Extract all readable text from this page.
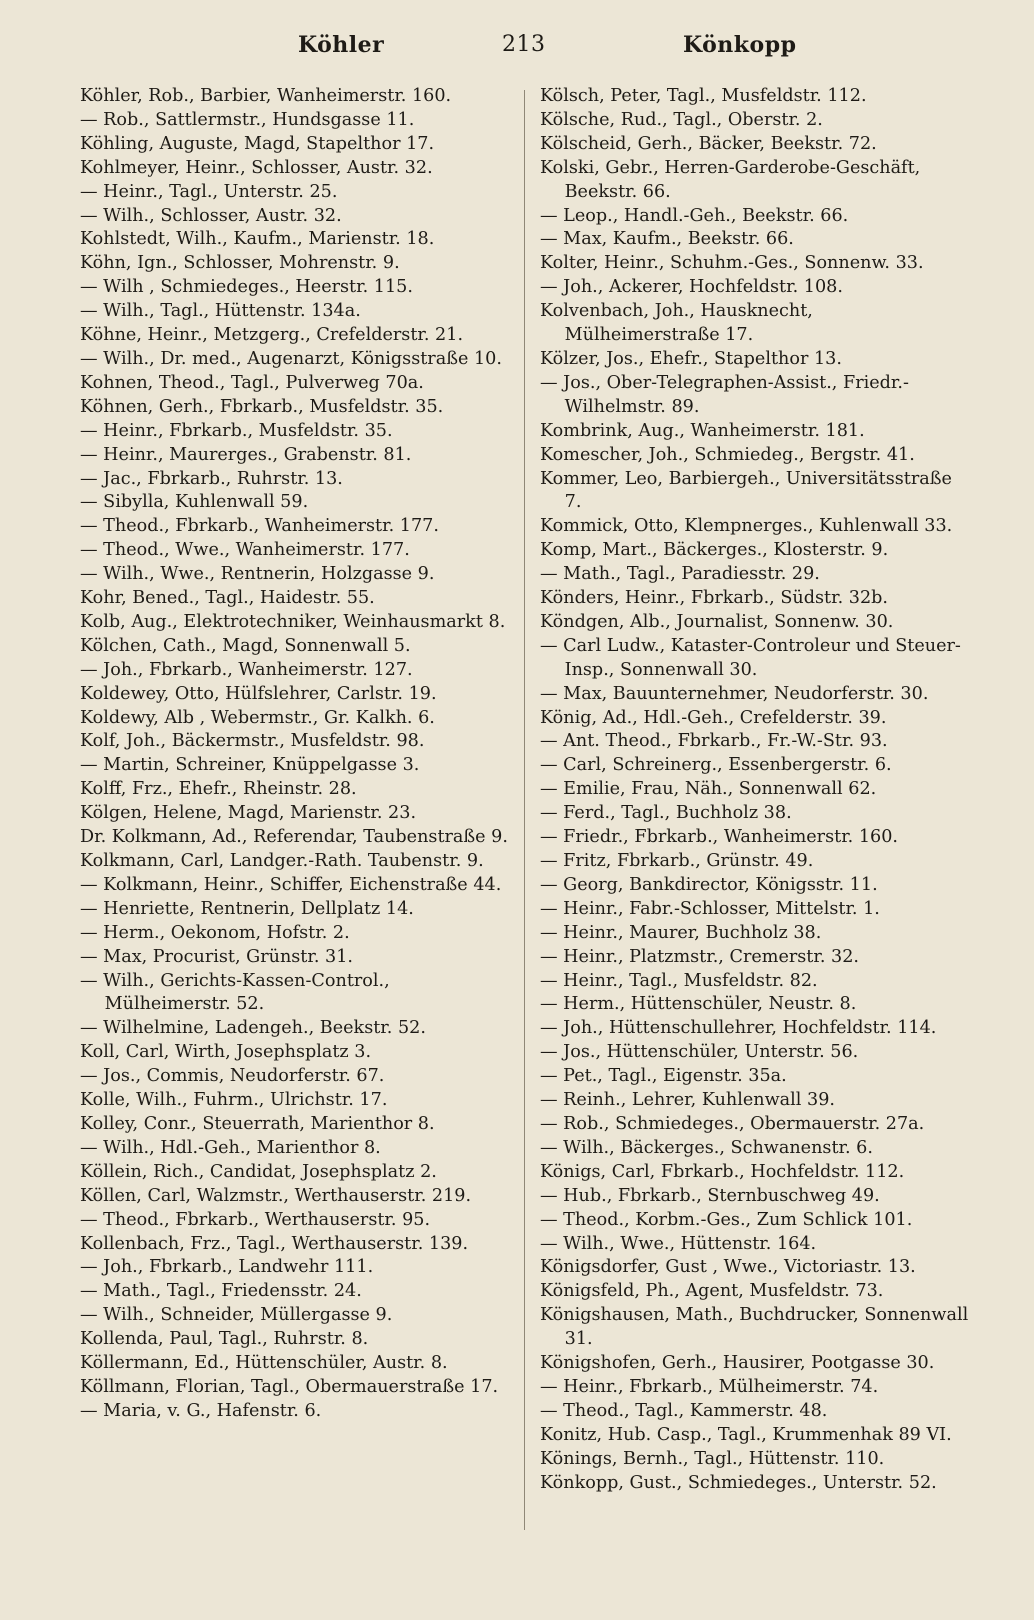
Köhler	213	Könkopp
Köhler, Rob., Barbier, Wanheimerstr. 160.
— Rob., Sattlermstr., Hundsgasse 11.
Köhling, Auguste, Magd, Stapelthor 17.
Kohlmeyer, Heinr., Schlosser, Austr. 32.
— Heinr., Tagl., Unterstr. 25.
— Wilh., Schlosser, Austr. 32.
Kohlstedt, Wilh., Kaufm., Marienstr. 18.
Köhn, Ign., Schlosser, Mohrenstr. 9.
— Wilh , Schmiedeges., Heerstr. 115.
— Wilh., Tagl., Hüttenstr. 134a.
Köhne, Heinr., Metzgerg., Crefelderstr. 21.
— Wilh., Dr. med., Augenarzt, Königsstraße 10.
Kohnen, Theod., Tagl., Pulverweg 70a.
Köhnen, Gerh., Fbrkarb., Musfeldstr. 35.
— Heinr., Fbrkarb., Musfeldstr. 35.
— Heinr., Maurerges., Grabenstr. 81.
— Jac., Fbrkarb., Ruhrstr. 13.
— Sibylla, Kuhlenwall 59.
— Theod., Fbrkarb., Wanheimerstr. 177.
— Theod., Wwe., Wanheimerstr. 177.
— Wilh., Wwe., Rentnerin, Holzgasse 9.
Kohr, Bened., Tagl., Haidestr. 55.
Kolb, Aug., Elektrotechniker, Weinhausmarkt 8.
Kölchen, Cath., Magd, Sonnenwall 5.
— Joh., Fbrkarb., Wanheimerstr. 127.
Koldewey, Otto, Hülfslehrer, Carlstr. 19.
Koldewy, Alb , Webermstr., Gr. Kalkh. 6.
Kolf, Joh., Bäckermstr., Musfeldstr. 98.
— Martin, Schreiner, Knüppelgasse 3.
Kolff, Frz., Ehefr., Rheinstr. 28.
Kölgen, Helene, Magd, Marienstr. 23.
Dr. Kolkmann, Ad., Referendar, Taubenstraße 9.
Kolkmann, Carl, Landger.-Rath. Taubenstr. 9.
— Kolkmann, Heinr., Schiffer, Eichenstraße 44.
— Henriette, Rentnerin, Dellplatz 14.
— Herm., Oekonom, Hofstr. 2.
— Max, Procurist, Grünstr. 31.
— Wilh., Gerichts-Kassen-Control., Mülheimerstr. 52.
— Wilhelmine, Ladengeh., Beekstr. 52.
Koll, Carl, Wirth, Josephsplatz 3.
— Jos., Commis, Neudorferstr. 67.
Kolle, Wilh., Fuhrm., Ulrichstr. 17.
Kolley, Conr., Steuerrath, Marienthor 8.
— Wilh., Hdl.-Geh., Marienthor 8.
Köllein, Rich., Candidat, Josephsplatz 2.
Köllen, Carl, Walzmstr., Werthauserstr. 219.
— Theod., Fbrkarb., Werthauserstr. 95.
Kollenbach, Frz., Tagl., Werthauserstr. 139.
— Joh., Fbrkarb., Landwehr 111.
— Math., Tagl., Friedensstr. 24.
— Wilh., Schneider, Müllergasse 9.
Kollenda, Paul, Tagl., Ruhrstr. 8.
Köllermann, Ed., Hüttenschüler, Austr. 8.
Köllmann, Florian, Tagl., Obermauerstraße 17.
— Maria, v. G., Hafenstr. 6.
Kölsch, Peter, Tagl., Musfeldstr. 112.
Kölsche, Rud., Tagl., Oberstr. 2.
Kölscheid, Gerh., Bäcker, Beekstr. 72.
Kolski, Gebr., Herren-Garderobe-Geschäft, Beekstr. 66.
— Leop., Handl.-Geh., Beekstr. 66.
— Max, Kaufm., Beekstr. 66.
Kolter, Heinr., Schuhm.-Ges., Sonnenw. 33.
— Joh., Ackerer, Hochfeldstr. 108.
Kolvenbach, Joh., Hausknecht, Mülheimerstraße 17.
Kölzer, Jos., Ehefr., Stapelthor 13.
— Jos., Ober-Telegraphen-Assist., Friedr.-Wilhelmstr. 89.
Kombrink, Aug., Wanheimerstr. 181.
Komescher, Joh., Schmiedeg., Bergstr. 41.
Kommer, Leo, Barbiergeh., Universitätsstraße 7.
Kommick, Otto, Klempnerges., Kuhlenwall 33.
Komp, Mart., Bäckerges., Klosterstr. 9.
— Math., Tagl., Paradiesstr. 29.
Könders, Heinr., Fbrkarb., Südstr. 32b.
Köndgen, Alb., Journalist, Sonnenw. 30.
— Carl Ludw., Kataster-Controleur und Steuer-Insp., Sonnenwall 30.
— Max, Bauunternehmer, Neudorferstr. 30.
König, Ad., Hdl.-Geh., Crefelderstr. 39.
— Ant. Theod., Fbrkarb., Fr.-W.-Str. 93.
— Carl, Schreinerg., Essenbergerstr. 6.
— Emilie, Frau, Näh., Sonnenwall 62.
— Ferd., Tagl., Buchholz 38.
— Friedr., Fbrkarb., Wanheimerstr. 160.
— Fritz, Fbrkarb., Grünstr. 49.
— Georg, Bankdirector, Königsstr. 11.
— Heinr., Fabr.-Schlosser, Mittelstr. 1.
— Heinr., Maurer, Buchholz 38.
— Heinr., Platzmstr., Cremerstr. 32.
— Heinr., Tagl., Musfeldstr. 82.
— Herm., Hüttenschüler, Neustr. 8.
— Joh., Hüttenschullehrer, Hochfeldstr. 114.
— Jos., Hüttenschüler, Unterstr. 56.
— Pet., Tagl., Eigenstr. 35a.
— Reinh., Lehrer, Kuhlenwall 39.
— Rob., Schmiedeges., Obermauerstr. 27a.
— Wilh., Bäckerges., Schwanenstr. 6.
Königs, Carl, Fbrkarb., Hochfeldstr. 112.
— Hub., Fbrkarb., Sternbuschweg 49.
— Theod., Korbm.-Ges., Zum Schlick 101.
— Wilh., Wwe., Hüttenstr. 164.
Königsdorfer, Gust , Wwe., Victoriastr. 13.
Königsfeld, Ph., Agent, Musfeldstr. 73.
Königshausen, Math., Buchdrucker, Sonnenwall 31.
Königshofen, Gerh., Hausirer, Pootgasse 30.
— Heinr., Fbrkarb., Mülheimerstr. 74.
— Theod., Tagl., Kammerstr. 48.
Konitz, Hub. Casp., Tagl., Krummenhak 89 VI.
Könings, Bernh., Tagl., Hüttenstr. 110.
Könkopp, Gust., Schmiedeges., Unterstr. 52.
